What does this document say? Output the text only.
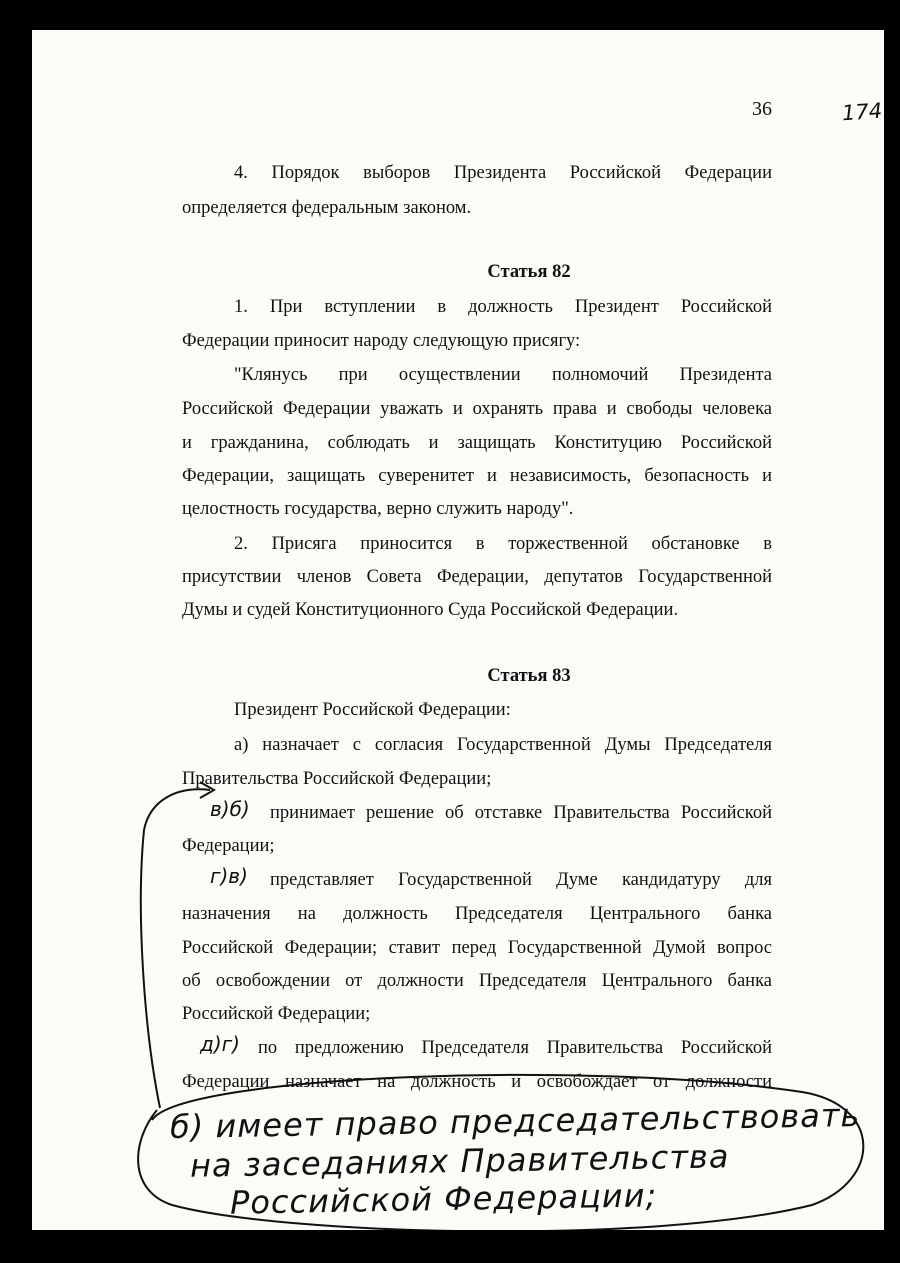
174
36
4. Порядок выборов Президента Российской Федерации
определяется федеральным законом.
Статья 82
1. При вступлении в должность Президент Российской
Федерации приносит народу следующую присягу:
"Клянусь при осуществлении полномочий Президента
Российской Федерации уважать и охранять права и свободы человека
и гражданина, соблюдать и защищать Конституцию Российской
Федерации, защищать суверенитет и независимость, безопасность и
целостность государства, верно служить народу".
2. Присяга приносится в торжественной обстановке в
присутствии членов Совета Федерации, депутатов Государственной
Думы и судей Конституционного Суда Российской Федерации.
Статья 83
Президент Российской Федерации:
а) назначает с согласия Государственной Думы Председателя
Правительства Российской Федерации;
в)б) принимает решение об отставке Правительства Российской
Федерации;
г)в) представляет Государственной Думе кандидатуру для
назначения на должность Председателя Центрального банка
Российской Федерации; ставит перед Государственной Думой вопрос
об освобождении от должности Председателя Центрального банка
Российской Федерации;
д)г) по предложению Председателя Правительства Российской
Федерации назначает на должность и освобождает от должности
б) имеет право председательствовать
на заседаниях Правительства
Российской Федерации;
